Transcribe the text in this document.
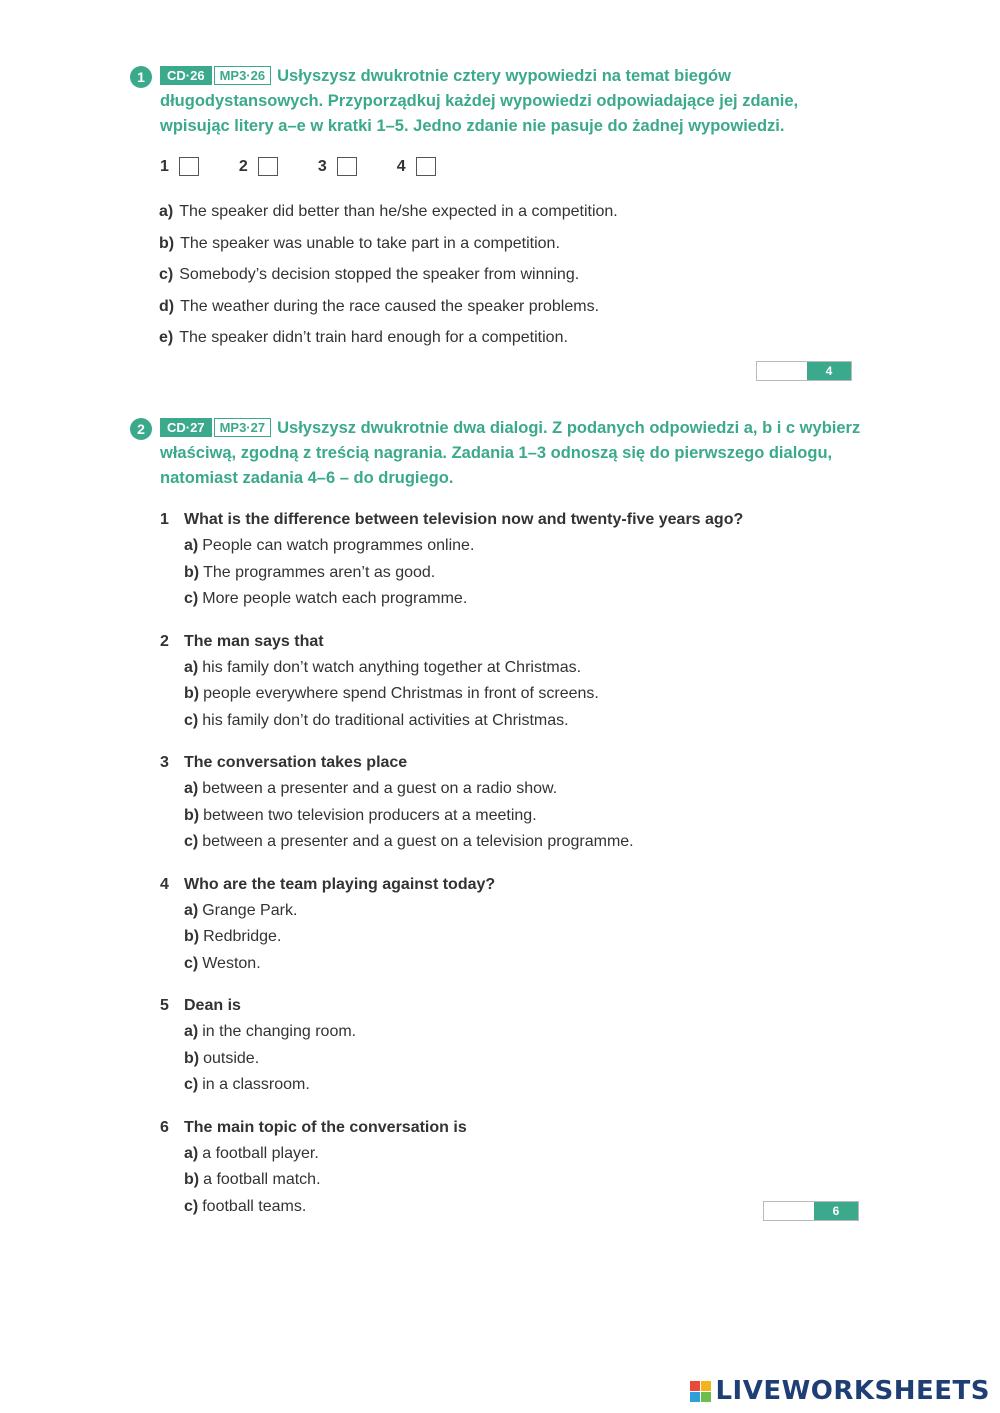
1	CD·26 MP3·26 Usłyszysz dwukrotnie cztery wypowiedzi na temat biegów długodystansowych. Przyporządkuj każdej wypowiedzi odpowiadające jej zdanie, wpisując litery a–e w kratki 1–5. Jedno zdanie nie pasuje do żadnej wypowiedzi.
1	2	3	4
a) The speaker did better than he/she expected in a competition.
b) The speaker was unable to take part in a competition.
c) Somebody’s decision stopped the speaker from winning.
d) The weather during the race caused the speaker problems.
e) The speaker didn’t train hard enough for a competition.
4
2	CD·27 MP3·27 Usłyszysz dwukrotnie dwa dialogi. Z podanych odpowiedzi a, b i c wybierz właściwą, zgodną z treścią nagrania. Zadania 1–3 odnoszą się do pierwszego dialogu, natomiast zadania 4–6 – do drugiego.
1 What is the difference between television now and twenty-five years ago?
a) People can watch programmes online.
b) The programmes aren’t as good.
c) More people watch each programme.
2 The man says that
a) his family don’t watch anything together at Christmas.
b) people everywhere spend Christmas in front of screens.
c) his family don’t do traditional activities at Christmas.
3 The conversation takes place
a) between a presenter and a guest on a radio show.
b) between two television producers at a meeting.
c) between a presenter and a guest on a television programme.
4 Who are the team playing against today?
a) Grange Park.
b) Redbridge.
c) Weston.
5 Dean is
a) in the changing room.
b) outside.
c) in a classroom.
6 The main topic of the conversation is
a) a football player.
b) a football match.
c) football teams.	6
LIVEWORKSHEETS
